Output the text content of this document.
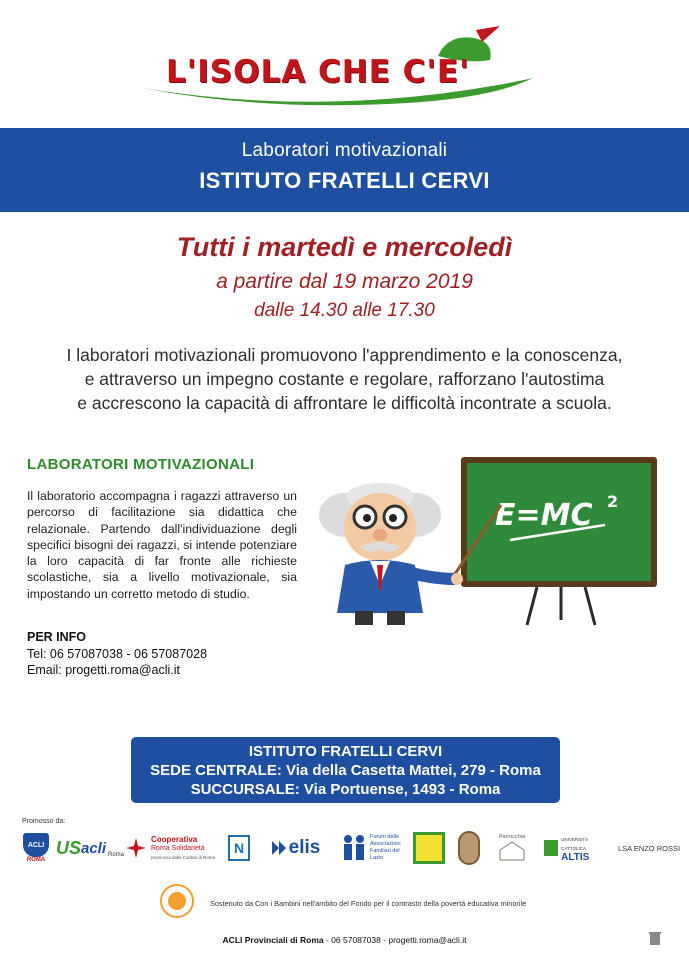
L'ISOLA CHE C'E'
Laboratori motivazionali
ISTITUTO FRATELLI CERVI
Tutti i martedì e mercoledì
a partire dal 19 marzo 2019
dalle 14.30 alle 17.30
I laboratori motivazionali promuovono l'apprendimento e la conoscenza,
e attraverso un impegno costante e regolare, rafforzano l'autostima
e accrescono la capacità di affrontare le difficoltà incontrate a scuola.
LABORATORI MOTIVAZIONALI
Il laboratorio accompagna i ragazzi attraverso un percorso di facilitazione sia didattica che relazionale. Partendo dall'individuazione degli specifici bisogni dei ragazzi, si intende potenziare la loro capacità di far fronte alle richieste scolastiche, sia a livello motivazionale, sia impostando un corretto metodo di studio.
PER INFO
Tel: 06 57087038 - 06 57087028
Email: progetti.roma@acli.it
E=MC 2
ISTITUTO FRATELLI CERVI
SEDE CENTRALE: Via della Casetta Mattei, 279 - Roma
SUCCURSALE: Via Portuense, 1493 - Roma
Promosso da:
ACLI
ROMA
US acli Roma
Cooperativa
Roma Solidarietà
promossa dalla Caritas di Roma
N	elis	Forum delle
Associazioni
Familiari del
Lazio
Parrocchia	UNIVERSITÀ CATTOLICA
ALTIS
LSA ENZO ROSSI
Sostenuto da Con i Bambini nell'ambito del Fondo per il contrasto della povertà educativa minorile
ACLI Provinciali di Roma - 06 57087038 - progetti.roma@acli.it
